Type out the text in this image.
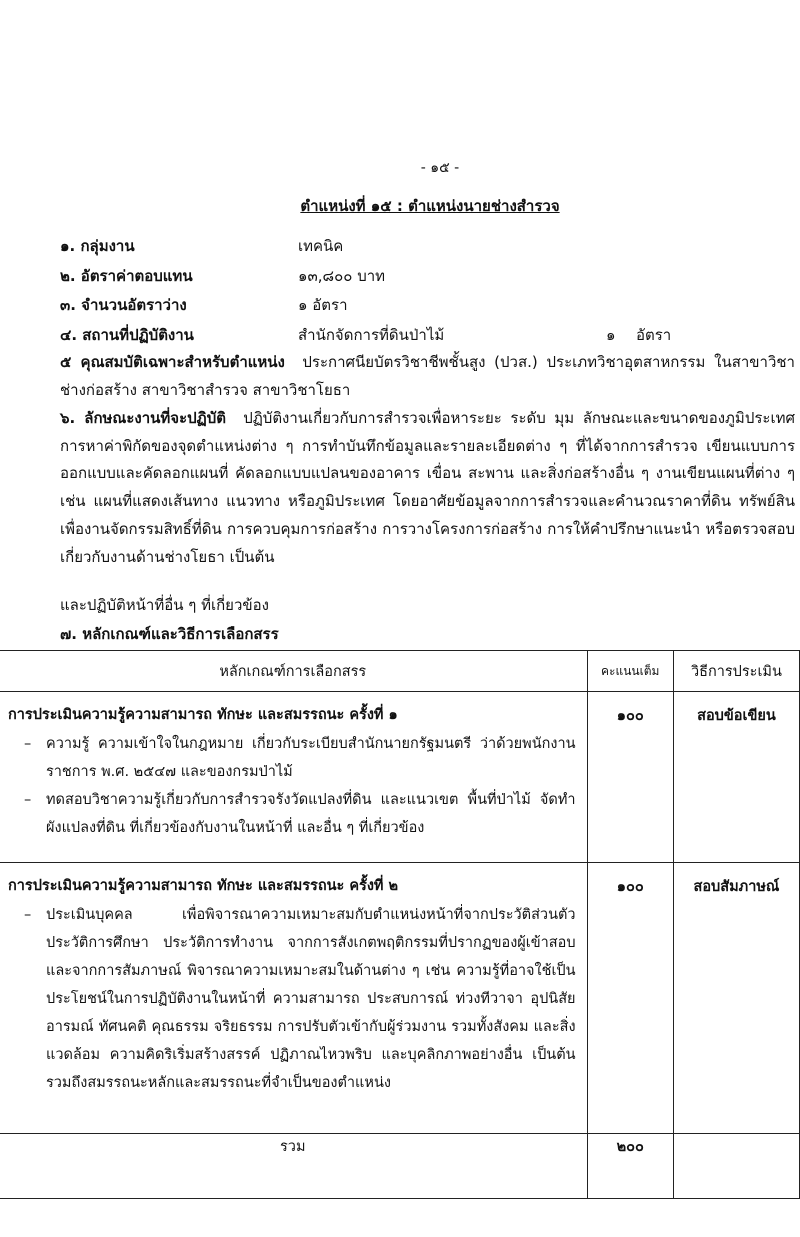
- ๑๕ -
ตำแหน่งที่ ๑๕ : ตำแหน่งนายช่างสำรวจ
๑. กลุ่มงาน	เทคนิค
๒. อัตราค่าตอบแทน	๑๓,๘๐๐ บาท
๓. จำนวนอัตราว่าง	๑ อัตรา
๔. สถานที่ปฏิบัติงาน	สำนักจัดการที่ดินป่าไม้	๑ อัตรา
๕ คุณสมบัติเฉพาะสำหรับตำแหน่ง ประกาศนียบัตรวิชาชีพชั้นสูง (ปวส.) ประเภทวิชาอุตสาหกรรม ในสาขาวิชาช่างก่อสร้าง สาขาวิชาสำรวจ สาขาวิชาโยธา
๖. ลักษณะงานที่จะปฏิบัติ ปฏิบัติงานเกี่ยวกับการสำรวจเพื่อหาระยะ ระดับ มุม ลักษณะและขนาดของภูมิประเทศ การหาค่าพิกัดของจุดตำแหน่งต่าง ๆ การทำบันทึกข้อมูลและรายละเอียดต่าง ๆ ที่ได้จากการสำรวจ เขียนแบบการออกแบบและคัดลอกแผนที่ คัดลอกแบบแปลนของอาคาร เขื่อน สะพาน และสิ่งก่อสร้างอื่น ๆ งานเขียนแผนที่ต่าง ๆ เช่น แผนที่แสดงเส้นทาง แนวทาง หรือภูมิประเทศ โดยอาศัยข้อมูลจากการสำรวจและคำนวณราคาที่ดิน ทรัพย์สิน เพื่องานจัดกรรมสิทธิ์ที่ดิน การควบคุมการก่อสร้าง การวางโครงการก่อสร้าง การให้คำปรึกษาแนะนำ หรือตรวจสอบเกี่ยวกับงานด้านช่างโยธา เป็นต้น
และปฏิบัติหน้าที่อื่น ๆ ที่เกี่ยวข้อง
๗. หลักเกณฑ์และวิธีการเลือกสรร
หลักเกณฑ์การเลือกสรร	คะแนนเต็ม	วิธีการประเมิน

การประเมินความรู้ความสามารถ ทักษะ และสมรรถนะ ครั้งที่ ๑
– ความรู้ ความเข้าใจในกฎหมาย เกี่ยวกับระเบียบสำนักนายกรัฐมนตรี ว่าด้วยพนักงานราชการ พ.ศ. ๒๕๔๗ และของกรมป่าไม้
– ทดสอบวิชาความรู้เกี่ยวกับการสำรวจรังวัดแปลงที่ดิน และแนวเขต พื้นที่ป่าไม้ จัดทำผังแปลงที่ดิน ที่เกี่ยวข้องกับงานในหน้าที่ และอื่น ๆ ที่เกี่ยวข้อง	๑๐๐	สอบข้อเขียน

การประเมินความรู้ความสามารถ ทักษะ และสมรรถนะ ครั้งที่ ๒
– ประเมินบุคคล เพื่อพิจารณาความเหมาะสมกับตำแหน่งหน้าที่จากประวัติส่วนตัวประวัติการศึกษา ประวัติการทำงาน จากการสังเกตพฤติกรรมที่ปรากฏของผู้เข้าสอบและจากการสัมภาษณ์ พิจารณาความเหมาะสมในด้านต่าง ๆ เช่น ความรู้ที่อาจใช้เป็นประโยชน์ในการปฏิบัติงานในหน้าที่ ความสามารถ ประสบการณ์ ท่วงทีวาจา อุปนิสัย อารมณ์ ทัศนคติ คุณธรรม จริยธรรม การปรับตัวเข้ากับผู้ร่วมงาน รวมทั้งสังคม และสิ่งแวดล้อม ความคิดริเริ่มสร้างสรรค์ ปฏิภาณไหวพริบ และบุคลิกภาพอย่างอื่น เป็นต้น รวมถึงสมรรถนะหลักและสมรรถนะที่จำเป็นของตำแหน่ง	๑๐๐	สอบสัมภาษณ์
รวม	๒๐๐	
